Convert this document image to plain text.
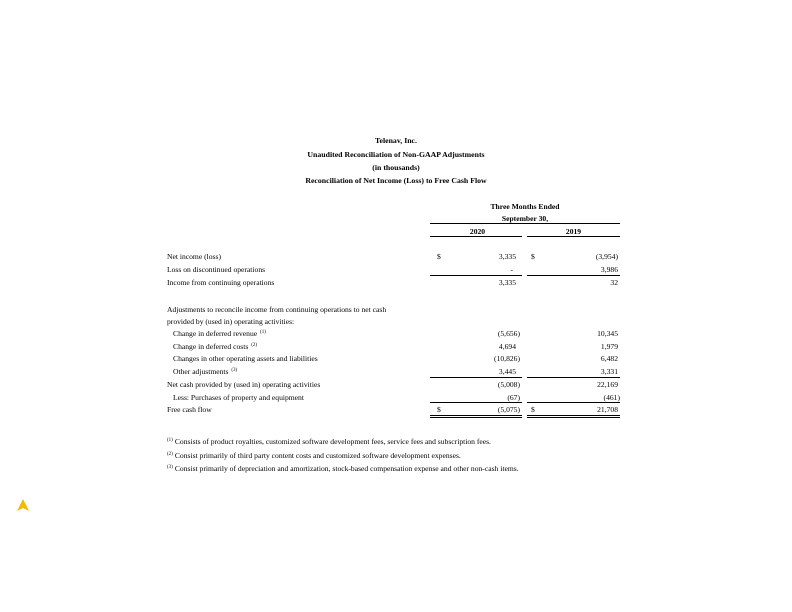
Telenav, Inc.
Unaudited Reconciliation of Non-GAAP Adjustments
(in thousands)
Reconciliation of Net Income (Loss) to Free Cash Flow
Three Months Ended
September 30,
2020	2019
Net income (loss)	$	3,335 $	(3,954)
Loss on discontinued operations	-	3,986
Income from continuing operations	3,335	32
Adjustments to reconcile income from continuing operations to net cash
provided by (used in) operating activities:
Change in deferred revenue $^{(1)}$	(5,656)	10,345
Change in deferred costs $^{(2)}$	4,694	1,979
Changes in other operating assets and liabilities	(10,826)	6,482
Other adjustments $^{(3)}$	3,445	3,331
Net cash provided by (used in) operating activities	(5,008)	22,169
Less: Purchases of property and equipment	(67)	(461)
Free cash flow	$	(5,075) $	21,708
$^{(1)}$ Consists of product royalties, customized software development fees, service fees and subscription fees.
$^{(2)}$ Consist primarily of third party content costs and customized software development expenses.
$^{(3)}$ Consist primarily of depreciation and amortization, stock-based compensation expense and other non-cash items.
